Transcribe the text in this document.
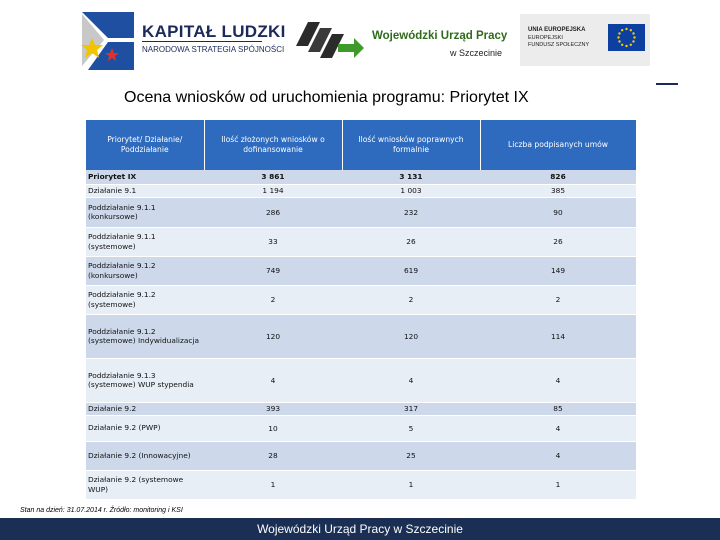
KAPITAŁ LUDZKI
NARODOWA STRATEGIA SPÓJNOŚCI
Wojewódzki Urząd Pracy
w Szczecinie
UNIA EUROPEJSKA
EUROPEJSKI
FUNDUSZ SPOŁECZNY
Ocena wniosków od uruchomienia programu: Priorytet IX
Priorytet/ Działanie/ Poddziałanie	Ilość złożonych wniosków o dofinansowanie	Ilość wniosków poprawnych formalnie	Liczba podpisanych umów
Priorytet IX	3 861	3 131	826
Działanie 9.1	1 194	1 003	385
Poddziałanie 9.1.1 (konkursowe)	286	232	90
Poddziałanie 9.1.1 (systemowe)	33	26	26
Poddziałanie 9.1.2 (konkursowe)	749	619	149
Poddziałanie 9.1.2 (systemowe)	2	2	2
Poddziałanie 9.1.2 (systemowe) Indywidualizacja	120	120	114
Poddziałanie 9.1.3 (systemowe) WUP stypendia	4	4	4
Działanie 9.2	393	317	85
Działanie 9.2 (PWP)	10	5	4
Działanie 9.2 (Innowacyjne)	28	25	4
Działanie 9.2 (systemowe WUP)	1	1	1
Stan na dzień: 31.07.2014 r. Źródło: monitoring i KSI
Wojewódzki Urząd Pracy w Szczecinie
